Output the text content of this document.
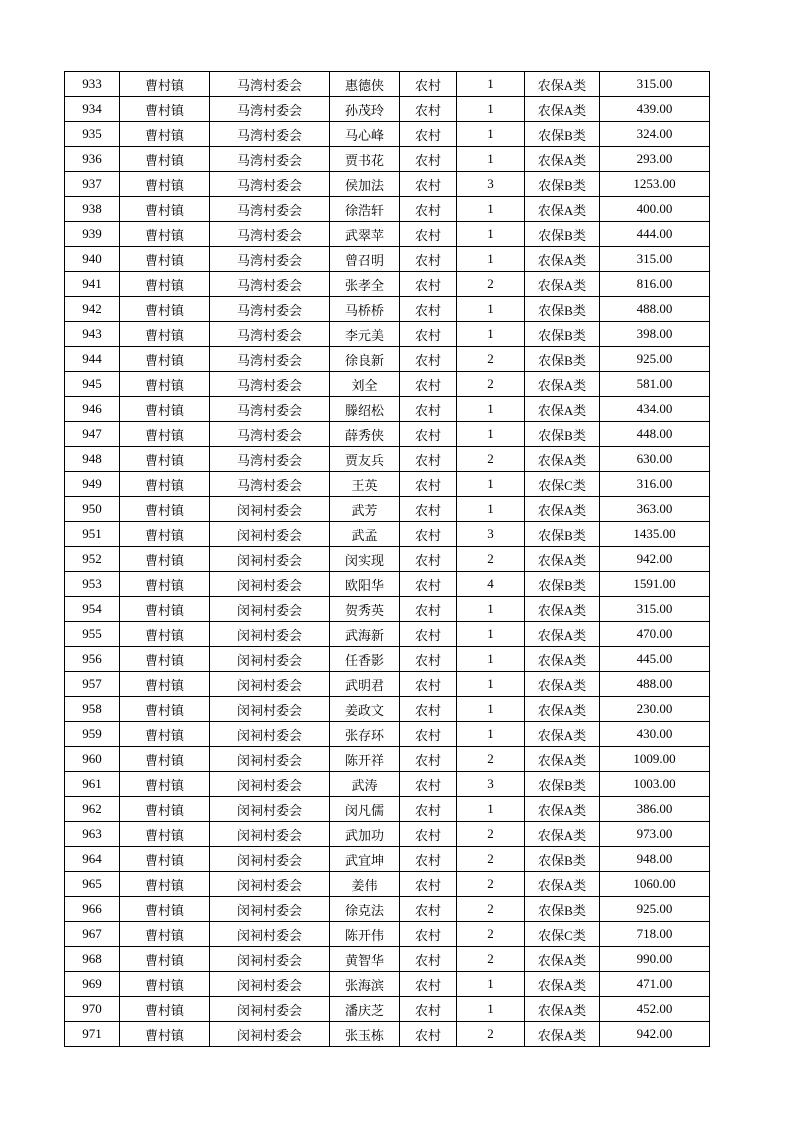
933	曹村镇	马湾村委会	惠德侠	农村	1	农保A类	315.00
934	曹村镇	马湾村委会	孙茂玲	农村	1	农保A类	439.00
935	曹村镇	马湾村委会	马心峰	农村	1	农保B类	324.00
936	曹村镇	马湾村委会	贾书花	农村	1	农保A类	293.00
937	曹村镇	马湾村委会	侯加法	农村	3	农保B类	1253.00
938	曹村镇	马湾村委会	徐浩轩	农村	1	农保A类	400.00
939	曹村镇	马湾村委会	武翠苹	农村	1	农保B类	444.00
940	曹村镇	马湾村委会	曾召明	农村	1	农保A类	315.00
941	曹村镇	马湾村委会	张孝全	农村	2	农保A类	816.00
942	曹村镇	马湾村委会	马桥桥	农村	1	农保B类	488.00
943	曹村镇	马湾村委会	李元美	农村	1	农保B类	398.00
944	曹村镇	马湾村委会	徐良新	农村	2	农保B类	925.00
945	曹村镇	马湾村委会	刘全	农村	2	农保A类	581.00
946	曹村镇	马湾村委会	滕绍松	农村	1	农保A类	434.00
947	曹村镇	马湾村委会	薛秀侠	农村	1	农保B类	448.00
948	曹村镇	马湾村委会	贾友兵	农村	2	农保A类	630.00
949	曹村镇	马湾村委会	王英	农村	1	农保C类	316.00
950	曹村镇	闵祠村委会	武芳	农村	1	农保A类	363.00
951	曹村镇	闵祠村委会	武孟	农村	3	农保B类	1435.00
952	曹村镇	闵祠村委会	闵实现	农村	2	农保A类	942.00
953	曹村镇	闵祠村委会	欧阳华	农村	4	农保B类	1591.00
954	曹村镇	闵祠村委会	贺秀英	农村	1	农保A类	315.00
955	曹村镇	闵祠村委会	武海新	农村	1	农保A类	470.00
956	曹村镇	闵祠村委会	任香影	农村	1	农保A类	445.00
957	曹村镇	闵祠村委会	武明君	农村	1	农保A类	488.00
958	曹村镇	闵祠村委会	姜政文	农村	1	农保A类	230.00
959	曹村镇	闵祠村委会	张存环	农村	1	农保A类	430.00
960	曹村镇	闵祠村委会	陈开祥	农村	2	农保A类	1009.00
961	曹村镇	闵祠村委会	武涛	农村	3	农保B类	1003.00
962	曹村镇	闵祠村委会	闵凡儒	农村	1	农保A类	386.00
963	曹村镇	闵祠村委会	武加功	农村	2	农保A类	973.00
964	曹村镇	闵祠村委会	武宜坤	农村	2	农保B类	948.00
965	曹村镇	闵祠村委会	姜伟	农村	2	农保A类	1060.00
966	曹村镇	闵祠村委会	徐克法	农村	2	农保B类	925.00
967	曹村镇	闵祠村委会	陈开伟	农村	2	农保C类	718.00
968	曹村镇	闵祠村委会	黄智华	农村	2	农保A类	990.00
969	曹村镇	闵祠村委会	张海滨	农村	1	农保A类	471.00
970	曹村镇	闵祠村委会	潘庆芝	农村	1	农保A类	452.00
971	曹村镇	闵祠村委会	张玉栋	农村	2	农保A类	942.00
